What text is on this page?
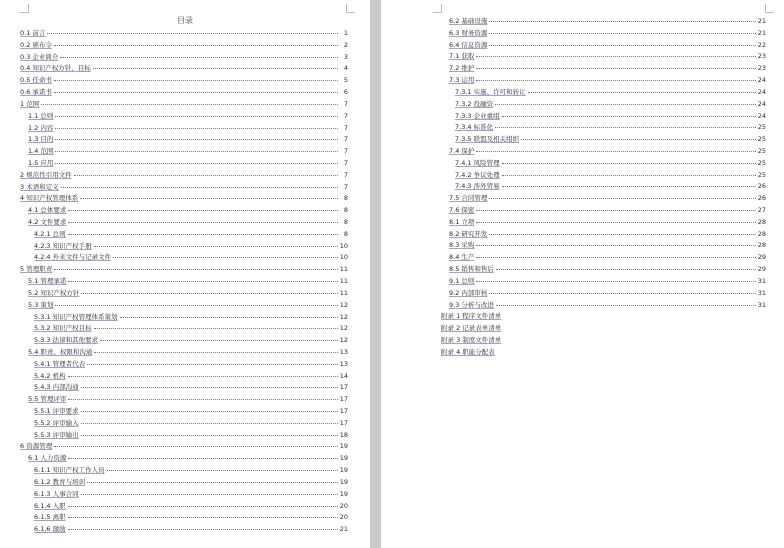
目录
0.1 前言	1
0.2 颁布令	2
0.3 企业简介	3
0.4 知识产权方针、目标	4
0.5 任命书	5
0.6 承诺书	6
1 范围	7
1.1 总则	7
1.2 内容	7
1.3 目的	7
1.4 范围	7
1.5 应用	7
2 规范性引用文件	7
3 术语和定义	7
4 知识产权管理体系	8
4.1 总体要求	8
4.2 文件要求	8
4.2.1 总则	8
4.2.3 知识产权手册	10
4.2.4 外来文件与记录文件	10
5 管理职责	11
5.1 管理承诺	11
5.2 知识产权方针	11
5.3 策划	12
5.3.1 知识产权管理体系策划	12
5.3.2 知识产权目标	12
5.3.3 法律和其他要求	12
5.4 职责、权限和沟通	13
5.4.1 管理者代表	13
5.4.2 机构	14
5.4.3 内部沟通	17
5.5 管理评审	17
5.5.1 评审要求	17
5.5.2 评审输入	17
5.5.3 评审输出	18
6 资源管理	19
6.1 人力资源	19
6.1.1 知识产权工作人员	19
6.1.2 教育与培训	19
6.1.3 人事合同	19
6.1.4 入职	20
6.1.5 离职	20
6.1.6 激励	21
6.2 基础设施	21
6.3 财务资源	21
6.4 信息资源	22
7.1 获取	23
7.2 维护	23
7.3 运用	24
7.3.1 实施、许可和转让	24
7.3.2 投融资	24
7.3.3 企业重组	24
7.3.4 标准化	25
7.3.5 联盟及相关组织	25
7.4 保护	25
7.4.1 风险管理	25
7.4.2 争议处理	25
7.4.3 涉外贸易	26
7.5 合同管理	26
7.6 保密	27
8.1 立项	28
8.2 研究开发	28
8.3 采购	28
8.4 生产	29
8.5 销售和售后	29
9.1 总则	31
9.2 内部审核	31
9.3 分析与改进	31
附录 1 程序文件清单
附录 2 记录表单清单
附录 3 制度文件清单
附录 4 职能分配表
